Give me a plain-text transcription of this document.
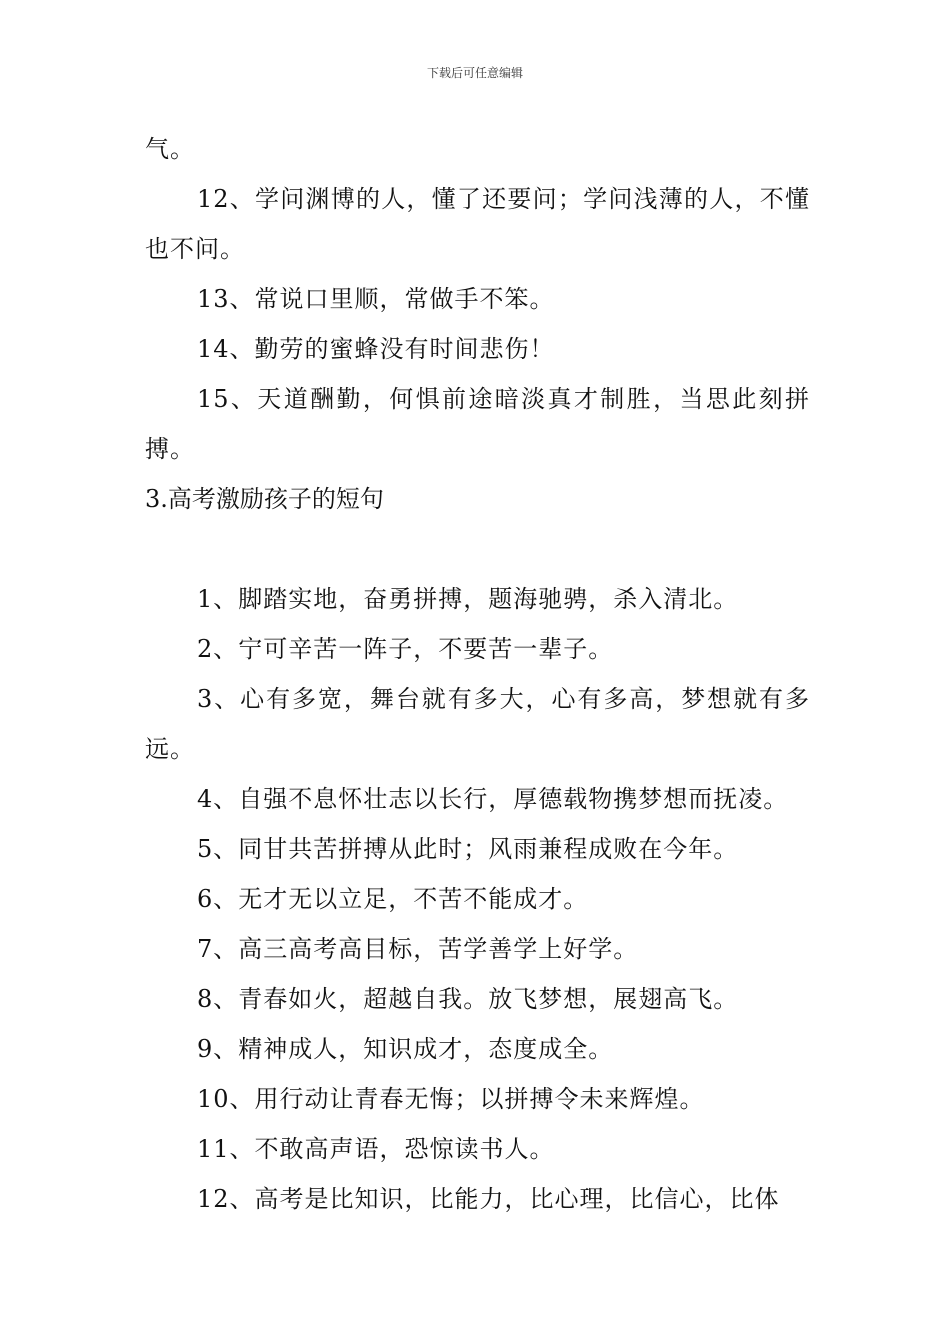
下载后可任意编辑

气。

12、学问渊博的人，懂了还要问；学问浅薄的人，不懂也不问。

13、常说口里顺，常做手不笨。

14、勤劳的蜜蜂没有时间悲伤！

15、天道酬勤，何惧前途暗淡真才制胜，当思此刻拼搏。

3.高考激励孩子的短句

1、脚踏实地，奋勇拼搏，题海驰骋，杀入清北。

2、宁可辛苦一阵子，不要苦一辈子。

3、心有多宽，舞台就有多大，心有多高，梦想就有多远。

4、自强不息怀壮志以长行，厚德载物携梦想而抚凌。

5、同甘共苦拼搏从此时；风雨兼程成败在今年。

6、无才无以立足，不苦不能成才。

7、高三高考高目标，苦学善学上好学。

8、青春如火，超越自我。放飞梦想，展翅高飞。

9、精神成人，知识成才，态度成全。

10、用行动让青春无悔；以拼搏令未来辉煌。

11、不敢高声语，恐惊读书人。

12、高考是比知识，比能力，比心理，比信心，比体
